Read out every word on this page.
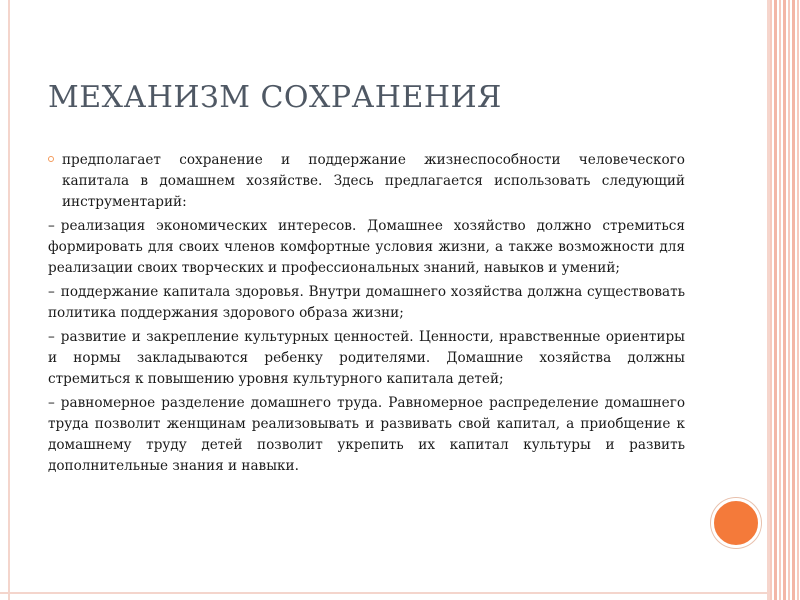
МЕХАНИЗМ СОХРАНЕНИЯ

предполагает сохранение и поддержание жизнеспособности человеческого капитала в домашнем хозяйстве. Здесь предлагается использовать следующий инструментарий:

– реализация экономических интересов. Домашнее хозяйство должно стремиться формировать для своих членов комфортные условия жизни, а также возможности для реализации своих творческих и профессиональных знаний, навыков и умений;

– поддержание капитала здоровья. Внутри домашнего хозяйства должна существовать политика поддержания здорового образа жизни;

– развитие и закрепление культурных ценностей. Ценности, нравственные ориентиры и нормы закладываются ребенку родителями. Домашние хозяйства должны стремиться к повышению уровня культурного капитала детей;

– равномерное разделение домашнего труда. Равномерное распределение домашнего труда позволит женщинам реализовывать и развивать свой капитал, а приобщение к домашнему труду детей позволит укрепить их капитал культуры и развить дополнительные знания и навыки.
